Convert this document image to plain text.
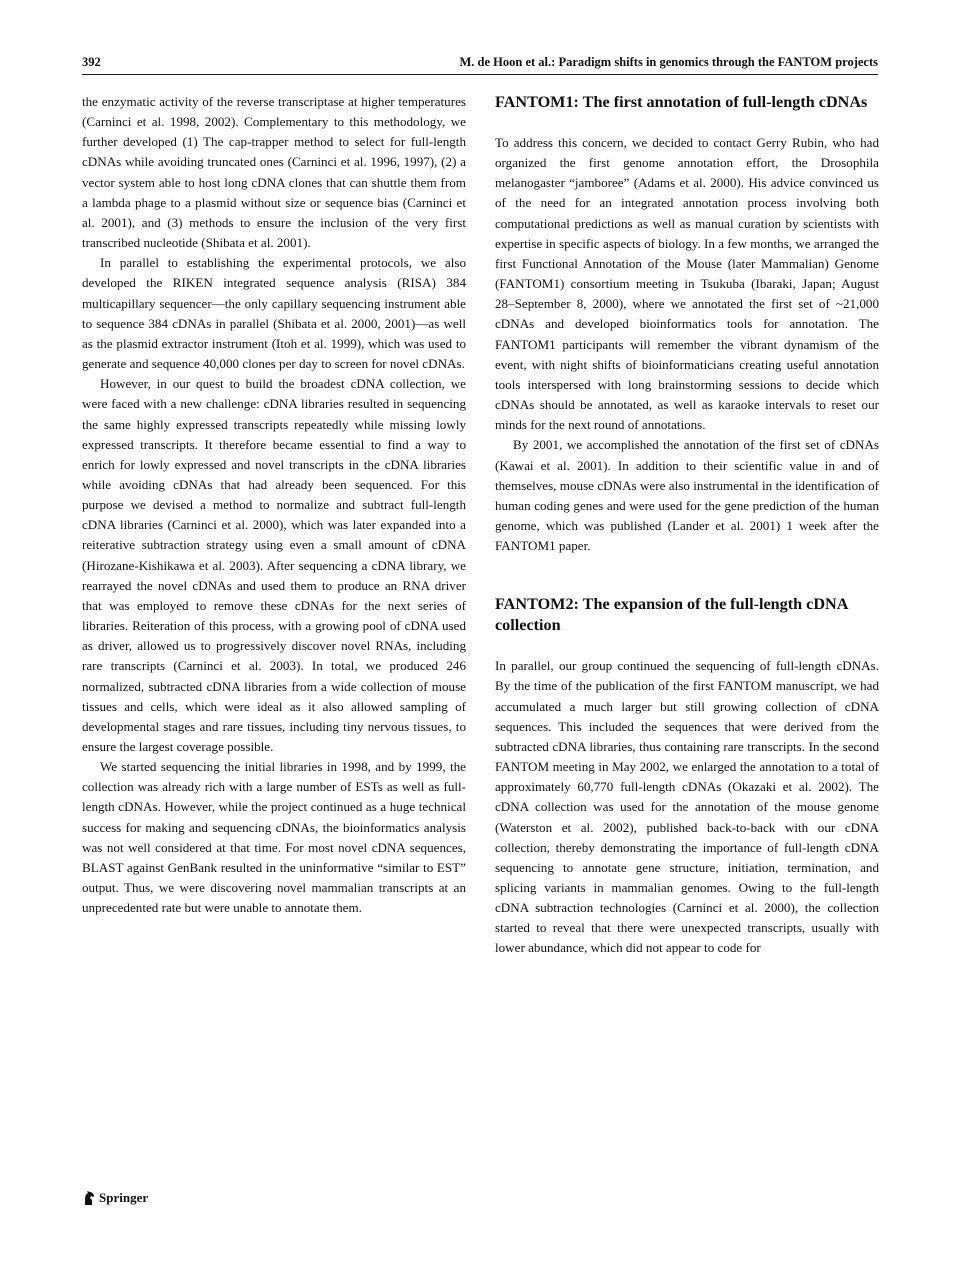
392	M. de Hoon et al.: Paradigm shifts in genomics through the FANTOM projects

the enzymatic activity of the reverse transcriptase at higher temperatures (Carninci et al. 1998, 2002). Complementary to this methodology, we further developed (1) The cap-trapper method to select for full-length cDNAs while avoiding truncated ones (Carninci et al. 1996, 1997), (2) a vector system able to host long cDNA clones that can shuttle them from a lambda phage to a plasmid without size or sequence bias (Carninci et al. 2001), and (3) methods to ensure the inclusion of the very first transcribed nucleotide (Shibata et al. 2001).

In parallel to establishing the experimental protocols, we also developed the RIKEN integrated sequence analysis (RISA) 384 multicapillary sequencer—the only capillary sequencing instrument able to sequence 384 cDNAs in parallel (Shibata et al. 2000, 2001)—as well as the plasmid extractor instrument (Itoh et al. 1999), which was used to generate and sequence 40,000 clones per day to screen for novel cDNAs.

However, in our quest to build the broadest cDNA collection, we were faced with a new challenge: cDNA libraries resulted in sequencing the same highly expressed transcripts repeatedly while missing lowly expressed transcripts. It therefore became essential to find a way to enrich for lowly expressed and novel transcripts in the cDNA libraries while avoiding cDNAs that had already been sequenced. For this purpose we devised a method to normalize and subtract full-length cDNA libraries (Carninci et al. 2000), which was later expanded into a reiterative subtraction strategy using even a small amount of cDNA (Hirozane-Kishikawa et al. 2003). After sequencing a cDNA library, we rearrayed the novel cDNAs and used them to produce an RNA driver that was employed to remove these cDNAs for the next series of libraries. Reiteration of this process, with a growing pool of cDNA used as driver, allowed us to progressively discover novel RNAs, including rare transcripts (Carninci et al. 2003). In total, we produced 246 normalized, subtracted cDNA libraries from a wide collection of mouse tissues and cells, which were ideal as it also allowed sampling of developmental stages and rare tissues, including tiny nervous tissues, to ensure the largest coverage possible.

We started sequencing the initial libraries in 1998, and by 1999, the collection was already rich with a large number of ESTs as well as full-length cDNAs. However, while the project continued as a huge technical success for making and sequencing cDNAs, the bioinformatics analysis was not well considered at that time. For most novel cDNA sequences, BLAST against GenBank resulted in the uninformative “similar to EST” output. Thus, we were discovering novel mammalian transcripts at an unprecedented rate but were unable to annotate them.

FANTOM1: The first annotation of full-length cDNAs

To address this concern, we decided to contact Gerry Rubin, who had organized the first genome annotation effort, the Drosophila melanogaster “jamboree” (Adams et al. 2000). His advice convinced us of the need for an integrated annotation process involving both computational predictions as well as manual curation by scientists with expertise in specific aspects of biology. In a few months, we arranged the first Functional Annotation of the Mouse (later Mammalian) Genome (FANTOM1) consortium meeting in Tsukuba (Ibaraki, Japan; August 28–September 8, 2000), where we annotated the first set of ~21,000 cDNAs and developed bioinformatics tools for annotation. The FANTOM1 participants will remember the vibrant dynamism of the event, with night shifts of bioinformaticians creating useful annotation tools interspersed with long brainstorming sessions to decide which cDNAs should be annotated, as well as karaoke intervals to reset our minds for the next round of annotations.

By 2001, we accomplished the annotation of the first set of cDNAs (Kawai et al. 2001). In addition to their scientific value in and of themselves, mouse cDNAs were also instrumental in the identification of human coding genes and were used for the gene prediction of the human genome, which was published (Lander et al. 2001) 1 week after the FANTOM1 paper.

FANTOM2: The expansion of the full-length cDNA collection

In parallel, our group continued the sequencing of full-length cDNAs. By the time of the publication of the first FANTOM manuscript, we had accumulated a much larger but still growing collection of cDNA sequences. This included the sequences that were derived from the subtracted cDNA libraries, thus containing rare transcripts. In the second FANTOM meeting in May 2002, we enlarged the annotation to a total of approximately 60,770 full-length cDNAs (Okazaki et al. 2002). The cDNA collection was used for the annotation of the mouse genome (Waterston et al. 2002), published back-to-back with our cDNA collection, thereby demonstrating the importance of full-length cDNA sequencing to annotate gene structure, initiation, termination, and splicing variants in mammalian genomes. Owing to the full-length cDNA subtraction technologies (Carninci et al. 2000), the collection started to reveal that there were unexpected transcripts, usually with lower abundance, which did not appear to code for

Springer
